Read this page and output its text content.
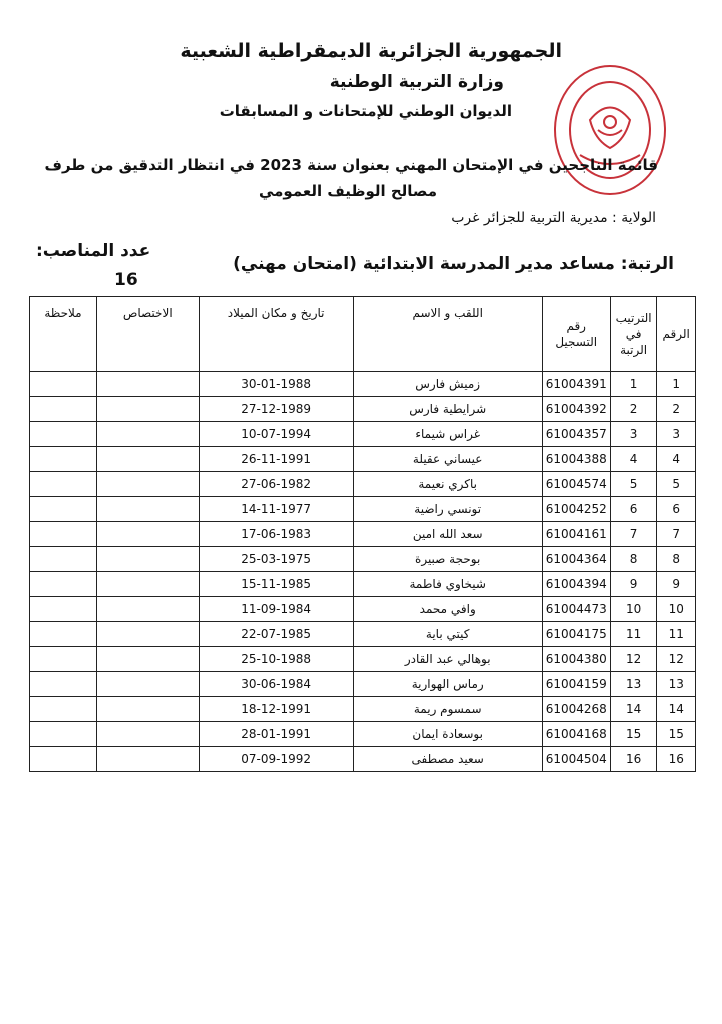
الجمهورية الجزائرية الديمقراطية الشعبية
وزارة التربية الوطنية
الديوان الوطني للإمتحانات و المسابقات
قائمة الناجحين في الإمتحان المهني بعنوان سنة 2023 في انتظار التدقيق من طرف
مصالح الوظيف العمومي
الولاية : مديرية التربية للجزائر غرب
عدد المناصب:
16
الرتبة: مساعد مدير المدرسة الابتدائية (امتحان مهني)
الرقم	الترتيب في الرتبة	رقم التسجيل	اللقب و الاسم	تاريخ و مكان الميلاد	الاختصاص	ملاحظة
1	1	61004391	زميش فارس	30-01-1988		
2	2	61004392	شرايطية فارس	27-12-1989		
3	3	61004357	غراس شيماء	10-07-1994		
4	4	61004388	عيساني عقيلة	26-11-1991		
5	5	61004574	باكري نعيمة	27-06-1982		
6	6	61004252	تونسي راضية	14-11-1977		
7	7	61004161	سعد الله امين	17-06-1983		
8	8	61004364	بوحجة صبيرة	25-03-1975		
9	9	61004394	شيخاوي فاطمة	15-11-1985		
10	10	61004473	وافي محمد	11-09-1984		
11	11	61004175	كيتي باية	22-07-1985		
12	12	61004380	بوهالي عبد القادر	25-10-1988		
13	13	61004159	رماس الهوارية	30-06-1984		
14	14	61004268	سمسوم ريمة	18-12-1991		
15	15	61004168	بوسعادة ايمان	28-01-1991		
16	16	61004504	سعيد مصطفى	07-09-1992		
